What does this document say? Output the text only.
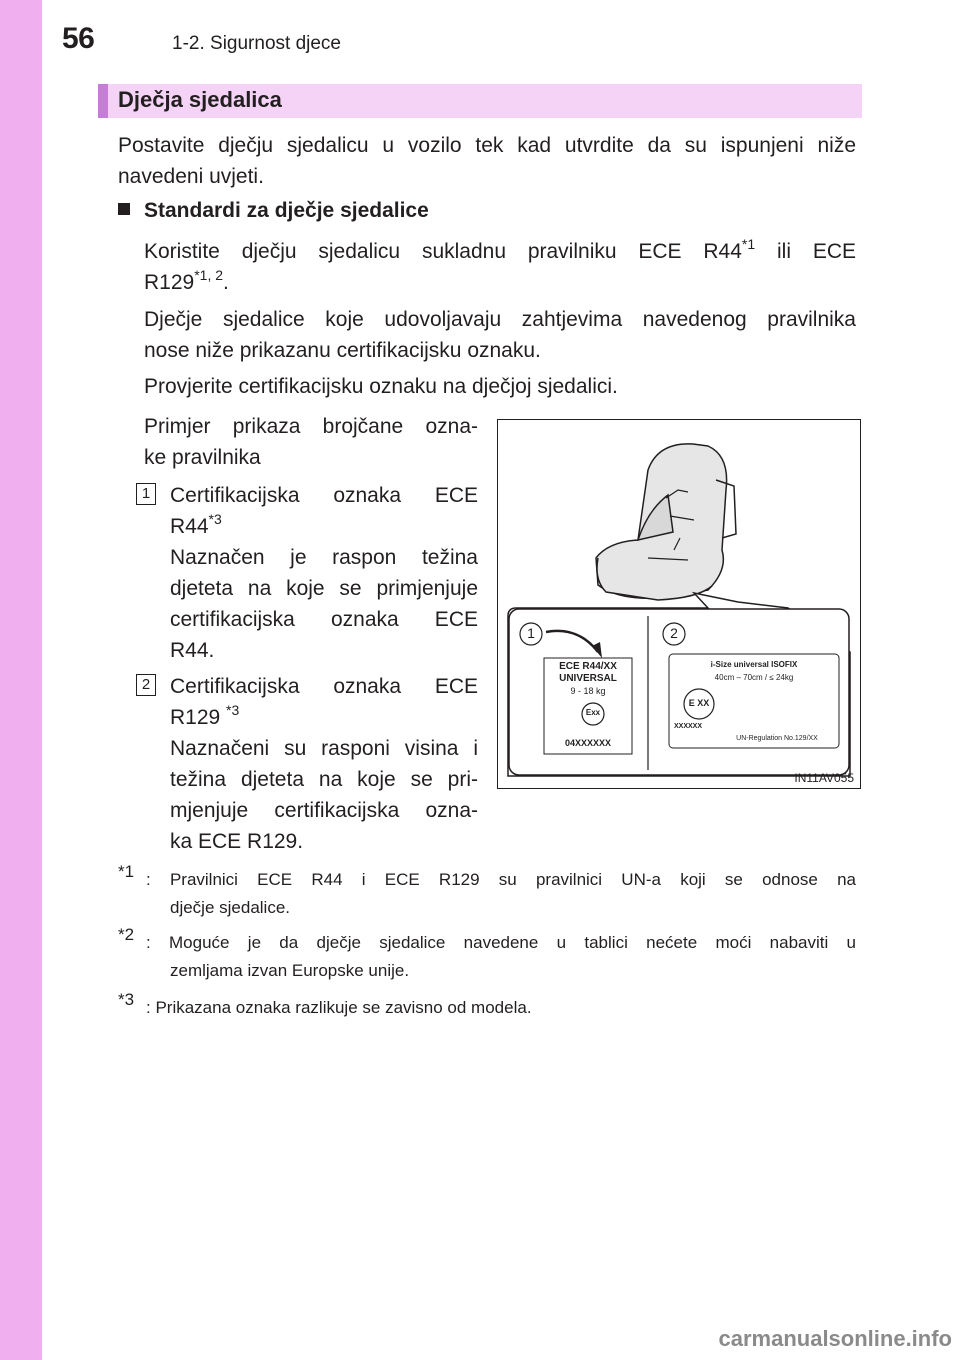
56	1-2. Sigurnost djece
Dječja sjedalica
Postavite dječju sjedalicu u vozilo tek kad utvrdite da su ispunjeni niže
navedeni uvjeti.
Standardi za dječje sjedalice
Koristite dječju sjedalicu sukladnu pravilniku ECE R44$^{*1}$ ili ECE
R129$^{*1, 2}$.
Dječje sjedalice koje udovoljavaju zahtjevima navedenog pravilnika
nose niže prikazanu certifikacijsku oznaku.
Provjerite certifikacijsku oznaku na dječjoj sjedalici.
Primjer prikaza brojčane ozna-
ke pravilnika
1 Certifikacijska oznaka ECE
R44$^{*3}$
Naznačen je raspon težina
djeteta na koje se primjenjuje
certifikacijska oznaka ECE
R44.
2 Certifikacijska oznaka ECE
R129 $^{*3}$
Naznačeni su rasponi visina i
težina djeteta na koje se pri-
mjenjuje certifikacijska ozna-
ka ECE R129.
1	2
ECE R44/XX
UNIVERSAL
9 - 18 kg
Exx
04XXXXXX
i-Size universal ISOFIX
40cm – 70cm / ≤ 24kg
E XX
XXXXXX
UN-Regulation No.129/XX
IN11AV055
*1 : Pravilnici ECE R44 i ECE R129 su pravilnici UN-a koji se odnose na
dječje sjedalice.
*2 : Moguće je da dječje sjedalice navedene u tablici nećete moći nabaviti u
zemljama izvan Europske unije.
*3 : Prikazana oznaka razlikuje se zavisno od modela.
carmanualsonline.info
